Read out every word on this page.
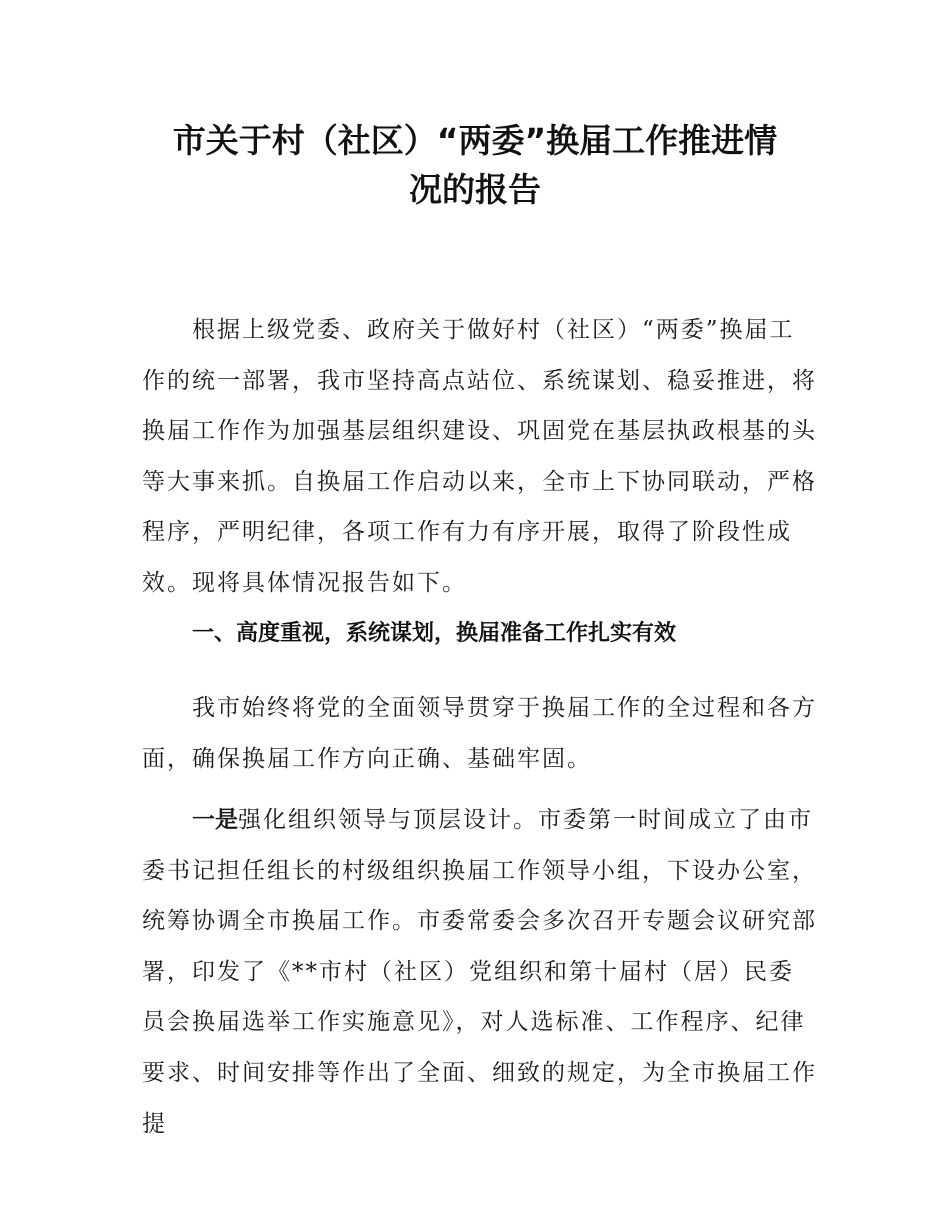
市关于村（社区）“两委”换届工作推进情
况的报告

根据上级党委、政府关于做好村（社区）“两委”换届工作的统一部署，我市坚持高点站位、系统谋划、稳妥推进，将换届工作作为加强基层组织建设、巩固党在基层执政根基的头等大事来抓。自换届工作启动以来，全市上下协同联动，严格程序，严明纪律，各项工作有力有序开展，取得了阶段性成效。现将具体情况报告如下。

一、高度重视，系统谋划，换届准备工作扎实有效

我市始终将党的全面领导贯穿于换届工作的全过程和各方面，确保换届工作方向正确、基础牢固。

一是强化组织领导与顶层设计。市委第一时间成立了由市委书记担任组长的村级组织换届工作领导小组，下设办公室，统筹协调全市换届工作。市委常委会多次召开专题会议研究部署，印发了《**市村（社区）党组织和第十届村（居）民委员会换届选举工作实施意见》，对人选标准、工作程序、纪律要求、时间安排等作出了全面、细致的规定，为全市换届工作提
